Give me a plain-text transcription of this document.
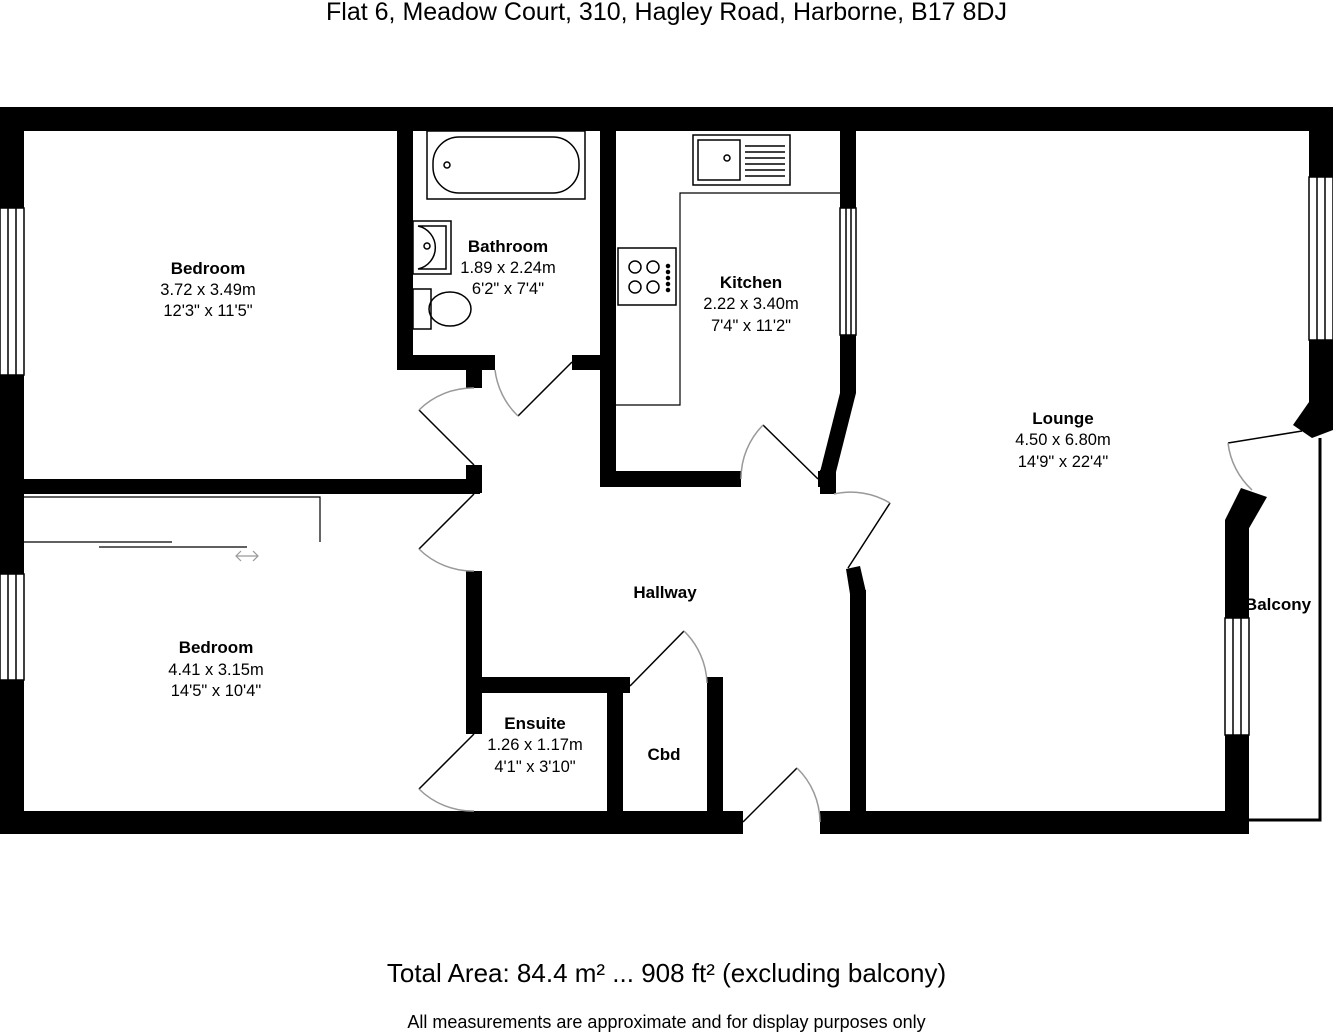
Flat 6, Meadow Court, 310, Hagley Road, Harborne, B17 8DJ
Bedroom
3.72 x 3.49m
12'3" x 11'5"
Bathroom
1.89 x 2.24m
6'2" x 7'4"	Kitchen
2.22 x 3.40m
7'4" x 11'2"
Lounge
4.50 x 6.80m
14'9" x 22'4"
Bedroom
4.41 x 3.15m
14'5" x 10'4"
Ensuite
1.26 x 1.17m
4'1" x 3'10"
Hallway
Cbd
Balcony
Total Area: 84.4 m² ... 908 ft² (excluding balcony)
All measurements are approximate and for display purposes only
